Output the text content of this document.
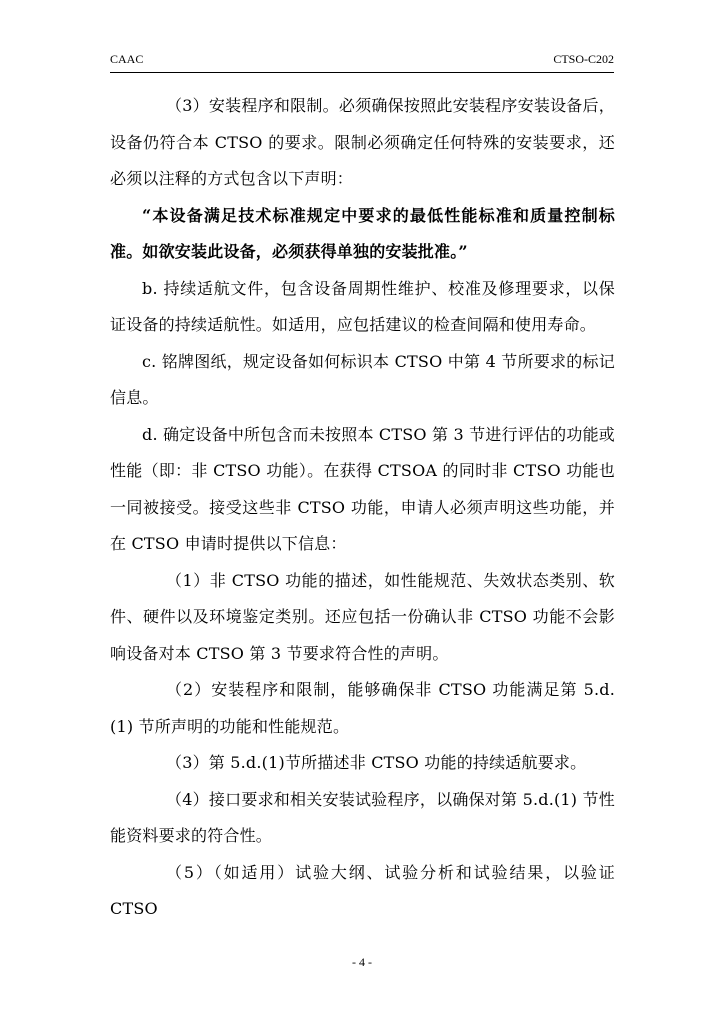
CAAC	CTSO-C202

（3）安装程序和限制。必须确保按照此安装程序安装设备后，设备仍符合本 CTSO 的要求。限制必须确定任何特殊的安装要求，还必须以注释的方式包含以下声明：

“本设备满足技术标准规定中要求的最低性能标准和质量控制标准。如欲安装此设备，必须获得单独的安装批准。”

b. 持续适航文件，包含设备周期性维护、校准及修理要求，以保证设备的持续适航性。如适用，应包括建议的检查间隔和使用寿命。

c. 铭牌图纸，规定设备如何标识本 CTSO 中第 4 节所要求的标记信息。

d. 确定设备中所包含而未按照本 CTSO 第 3 节进行评估的功能或性能（即：非 CTSO 功能）。在获得 CTSOA 的同时非 CTSO 功能也一同被接受。接受这些非 CTSO 功能，申请人必须声明这些功能，并在 CTSO 申请时提供以下信息：

（1）非 CTSO 功能的描述，如性能规范、失效状态类别、软件、硬件以及环境鉴定类别。还应包括一份确认非 CTSO 功能不会影响设备对本 CTSO 第 3 节要求符合性的声明。

（2）安装程序和限制，能够确保非 CTSO 功能满足第 5.d.(1) 节所声明的功能和性能规范。

（3）第 5.d.(1)节所描述非 CTSO 功能的持续适航要求。

（4）接口要求和相关安装试验程序，以确保对第 5.d.(1) 节性能资料要求的符合性。

（5）（如适用）试验大纲、试验分析和试验结果，以验证 CTSO

- 4 -
